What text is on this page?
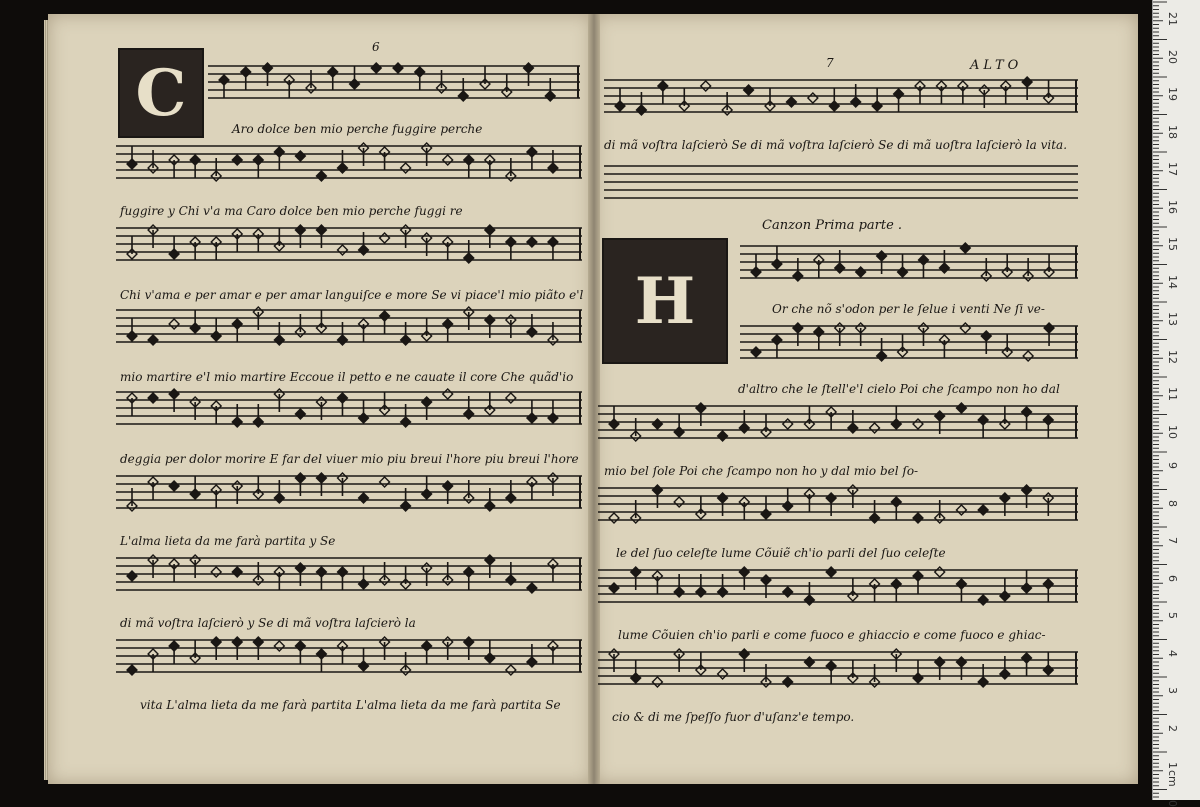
C
6
7	ALTO
Canzon Prima parte .
H
Aro dolce ben mio perche fuggire perche
fuggire y Chi v'a ma Caro dolce ben mio perche fuggi re
Chi v'ama e per amar e per amar languiſce e more Se vi piace'l mio piãto e'l
mio martire e'l mio martire Eccoue il petto e ne cauate il core Che quãd'io
deggia per dolor morire E far del viuer mio piu breui l'hore piu breui l'hore
L'alma lieta da me farà partita y Se
di mã voſtra laſcierò y Se di mã voſtra laſcierò la
vita L'alma lieta da me farà partita L'alma lieta da me farà partita Se
di mã voſtra laſcierò Se di mã voſtra laſcierò Se di mã uoſtra laſcierò la vita.
Or che nõ s'odon per le ſelue i venti Ne ſi ve-
d'altro che le ſtell'e'l cielo Poi che ſcampo non ho dal
mio bel ſole Poi che ſcampo non ho y dal mio bel ſo-
le del ſuo celeſte lume Cõuiẽ ch'io parli del ſuo celeſte
lume Cõuien ch'io parli e come fuoco e ghiaccio e come fuoco e ghiac-
cio & di me ſpeſſo fuor d'uſanz'e tempo.
21
20
19
18
17
16
15
14
13
12
11
10
9
8
7
6
5
4
3
2
1
0
cm
